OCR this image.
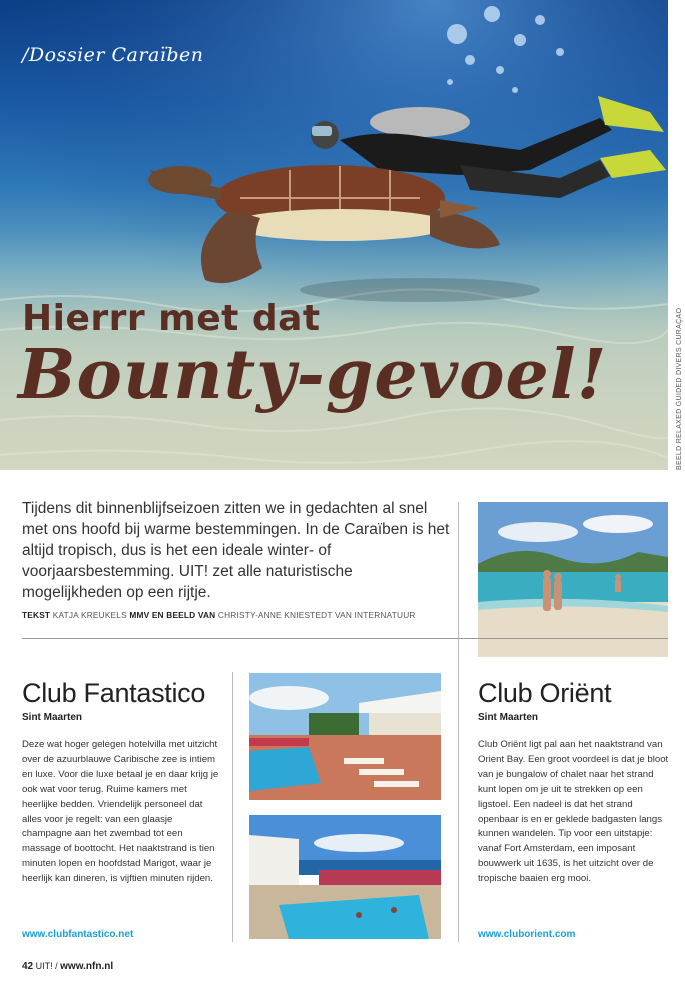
/Dossier Caraïben
Hierrr met dat
Bounty-gevoel!	BEELD RELAXED GUIDED DIVERS CURAÇAO
Tijdens dit binnenblijfseizoen zitten we in gedachten al snel met ons hoofd bij warme bestemmingen. In de Caraïben is het altijd tropisch, dus is het een ideale winter- of voorjaarsbestemming. UIT! zet alle naturistische mogelijkheden op een rijtje.
TEKST KATJA KREUKELS MMV EN BEELD VAN CHRISTY-ANNE KNIESTEDT VAN INTERNATUUR
Club Fantastico
Sint Maarten
Deze wat hoger gelegen hotelvilla met uitzicht over de azuurblauwe Caribische zee is intiem en luxe. Voor die luxe betaal je en daar krijg je ook wat voor terug. Ruime kamers met heerlijke bedden. Vriendelijk personeel dat alles voor je regelt: van een glaasje champagne aan het zwembad tot een massage of boottocht. Het naaktstrand is tien minuten lopen en hoofdstad Marigot, waar je heerlijk kan dineren, is vijftien minuten rijden.
www.clubfantastico.net
Club Oriënt
Sint Maarten
Club Oriënt ligt pal aan het naaktstrand van Orient Bay. Een groot voordeel is dat je bloot van je bungalow of chalet naar het strand kunt lopen om je uit te strekken op een ligstoel. Een nadeel is dat het strand openbaar is en er geklede badgasten langs kunnen wandelen. Tip voor een uitstapje: vanaf Fort Amsterdam, een imposant bouwwerk uit 1635, is het uitzicht over de tropische baaien erg mooi.
www.cluborient.com
42 UIT! / www.nfn.nl
